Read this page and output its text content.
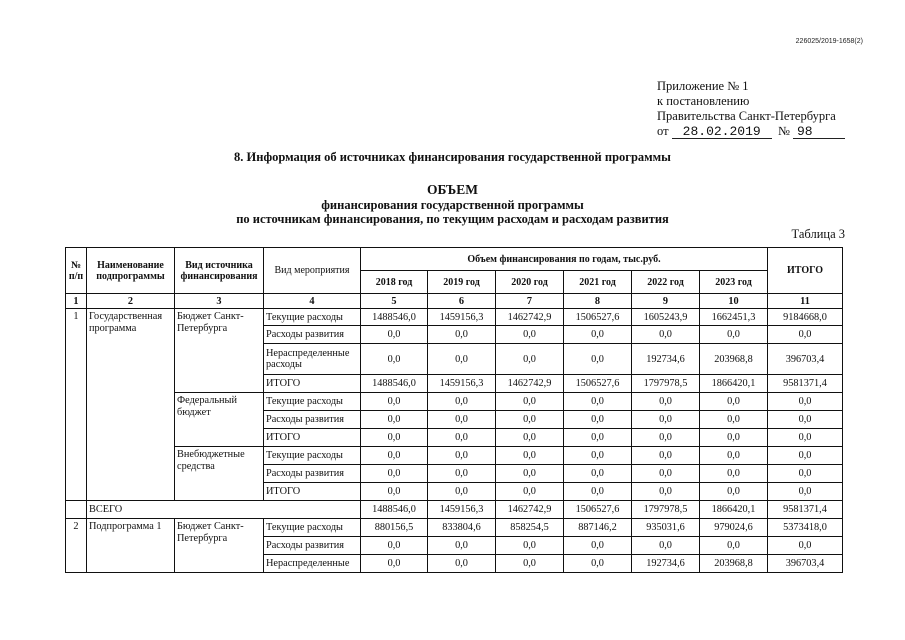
226025/2019-1658(2)
Приложение № 1
к постановлению
Правительства Санкт-Петербурга
от 28.02.2019 № 98
8. Информация об источниках финансирования государственной программы
ОБЪЕМ
финансирования государственной программы
по источникам финансирования, по текущим расходам и расходам развития
Таблица 3
№ п/п	Наименование подпрограммы	Вид источника финансирования	Вид мероприятия	Объем финансирования по годам, тыс.руб.						ИТОГО
				2018 год	2019 год	2020 год	2021 год	2022 год	2023 год	
1	2	3	4	5	6	7	8	9	10	11
1	Государственная программа	Бюджет Санкт-Петербурга	Текущие расходы	1488546,0	1459156,3	1462742,9	1506527,6	1605243,9	1662451,3	9184668,0
			Расходы развития	0,0	0,0	0,0	0,0	0,0	0,0	0,0
			Нераспределенные расходы	0,0	0,0	0,0	0,0	192734,6	203968,8	396703,4
			ИТОГО	1488546,0	1459156,3	1462742,9	1506527,6	1797978,5	1866420,1	9581371,4
		Федеральный бюджет	Текущие расходы	0,0	0,0	0,0	0,0	0,0	0,0	0,0
			Расходы развития	0,0	0,0	0,0	0,0	0,0	0,0	0,0
			ИТОГО	0,0	0,0	0,0	0,0	0,0	0,0	0,0
		Внебюджетные средства	Текущие расходы	0,0	0,0	0,0	0,0	0,0	0,0	0,0
			Расходы развития	0,0	0,0	0,0	0,0	0,0	0,0	0,0
			ИТОГО	0,0	0,0	0,0	0,0	0,0	0,0	0,0
	ВСЕГО			1488546,0	1459156,3	1462742,9	1506527,6	1797978,5	1866420,1	9581371,4
2	Подпрограмма 1	Бюджет Санкт-Петербурга	Текущие расходы	880156,5	833804,6	858254,5	887146,2	935031,6	979024,6	5373418,0
			Расходы развития	0,0	0,0	0,0	0,0	0,0	0,0	0,0
			Нераспределенные	0,0	0,0	0,0	0,0	192734,6	203968,8	396703,4
